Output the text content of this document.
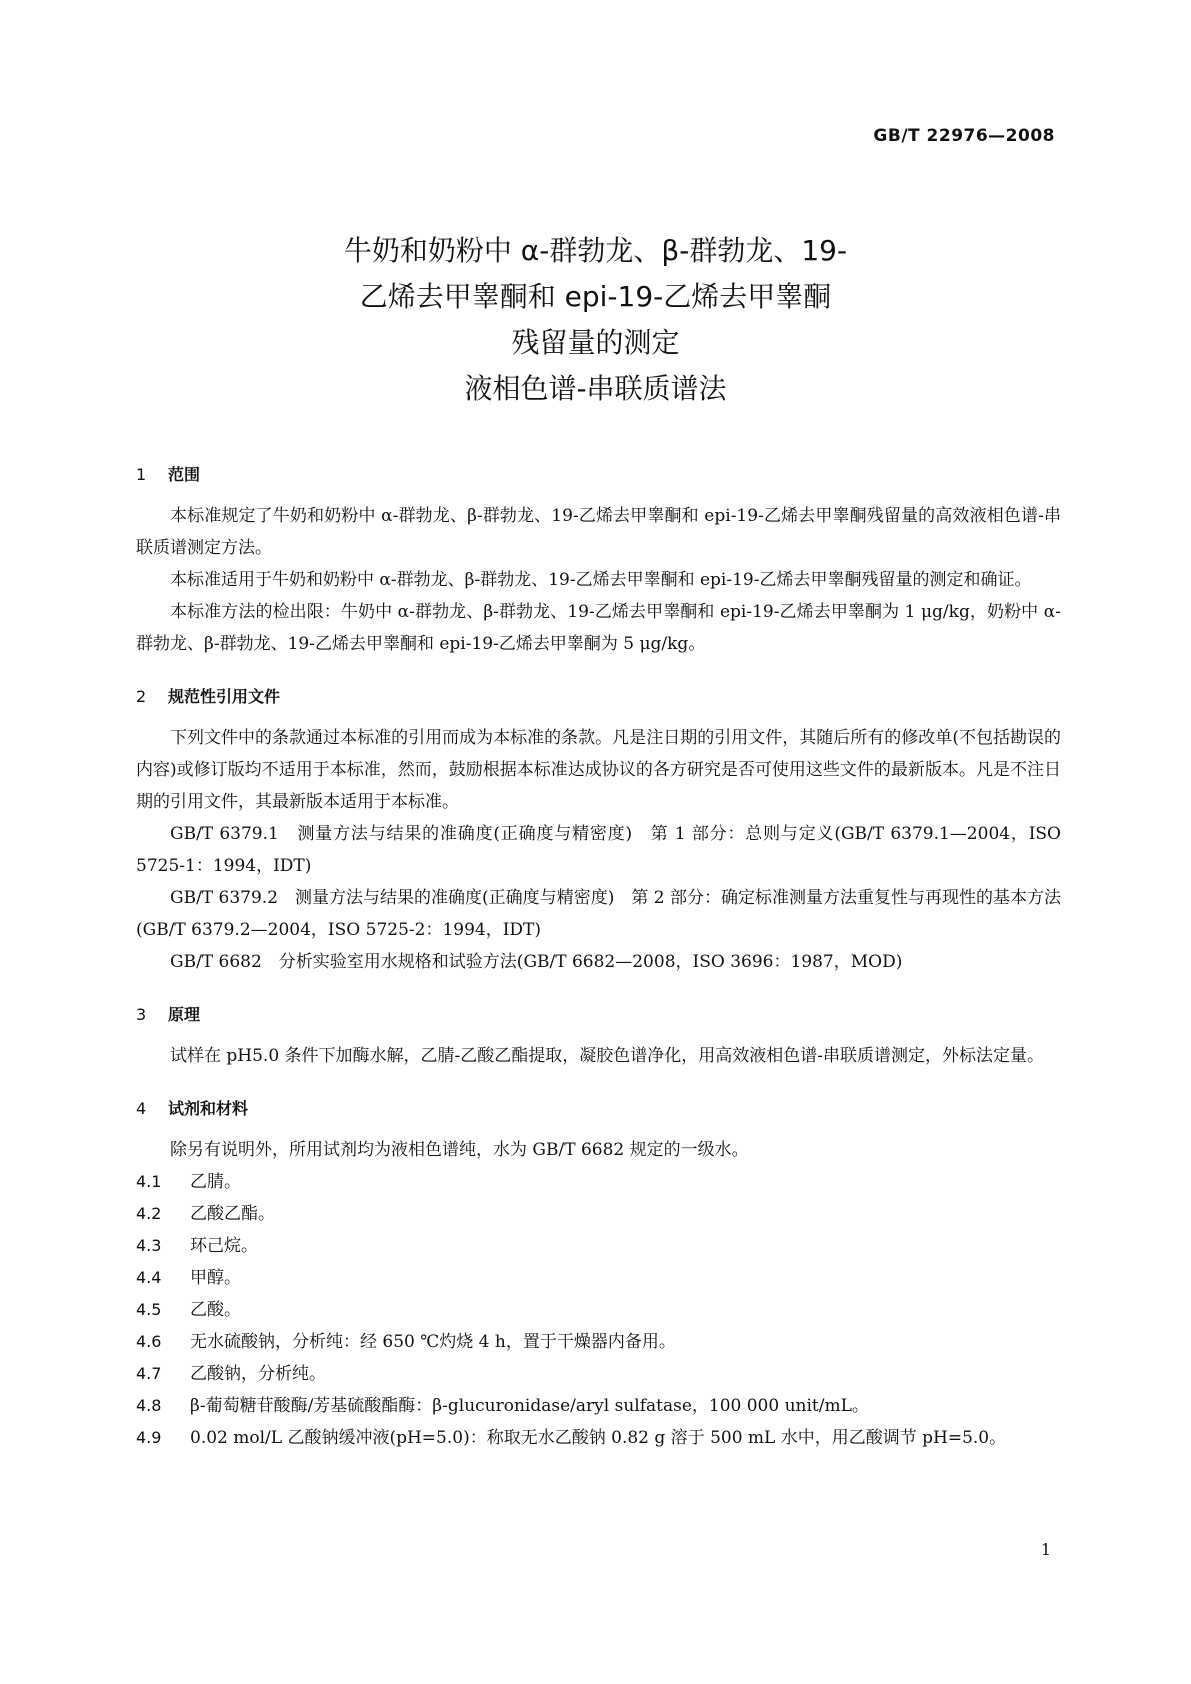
GB/T 22976—2008
牛奶和奶粉中 α-群勃龙、β-群勃龙、19-
乙烯去甲睾酮和 epi-19-乙烯去甲睾酮
残留量的测定
液相色谱-串联质谱法
1 范围
本标准规定了牛奶和奶粉中 α-群勃龙、β-群勃龙、19-乙烯去甲睾酮和 epi-19-乙烯去甲睾酮残留量的高效液相色谱-串联质谱测定方法。
本标准适用于牛奶和奶粉中 α-群勃龙、β-群勃龙、19-乙烯去甲睾酮和 epi-19-乙烯去甲睾酮残留量的测定和确证。
本标准方法的检出限：牛奶中 α-群勃龙、β-群勃龙、19-乙烯去甲睾酮和 epi-19-乙烯去甲睾酮为 1 μg/kg，奶粉中 α-群勃龙、β-群勃龙、19-乙烯去甲睾酮和 epi-19-乙烯去甲睾酮为 5 μg/kg。
2 规范性引用文件
下列文件中的条款通过本标准的引用而成为本标准的条款。凡是注日期的引用文件，其随后所有的修改单(不包括勘误的内容)或修订版均不适用于本标准，然而，鼓励根据本标准达成协议的各方研究是否可使用这些文件的最新版本。凡是不注日期的引用文件，其最新版本适用于本标准。
GB/T 6379.1　测量方法与结果的准确度(正确度与精密度)　第 1 部分：总则与定义(GB/T 6379.1—2004，ISO 5725-1：1994，IDT)
GB/T 6379.2　测量方法与结果的准确度(正确度与精密度)　第 2 部分：确定标准测量方法重复性与再现性的基本方法(GB/T 6379.2—2004，ISO 5725-2：1994，IDT)
GB/T 6682　分析实验室用水规格和试验方法(GB/T 6682—2008，ISO 3696：1987，MOD)
3 原理
试样在 pH5.0 条件下加酶水解，乙腈-乙酸乙酯提取，凝胶色谱净化，用高效液相色谱-串联质谱测定，外标法定量。
4 试剂和材料
除另有说明外，所用试剂均为液相色谱纯，水为 GB/T 6682 规定的一级水。
4.1 乙腈。
4.2 乙酸乙酯。
4.3 环己烷。
4.4 甲醇。
4.5 乙酸。
4.6 无水硫酸钠，分析纯：经 650 ℃灼烧 4 h，置于干燥器内备用。
4.7 乙酸钠，分析纯。
4.8 β-葡萄糖苷酸酶/芳基硫酸酯酶：β-glucuronidase/aryl sulfatase，100 000 unit/mL。
4.9 0.02 mol/L 乙酸钠缓冲液(pH=5.0)：称取无水乙酸钠 0.82 g 溶于 500 mL 水中，用乙酸调节 pH=5.0。
1
